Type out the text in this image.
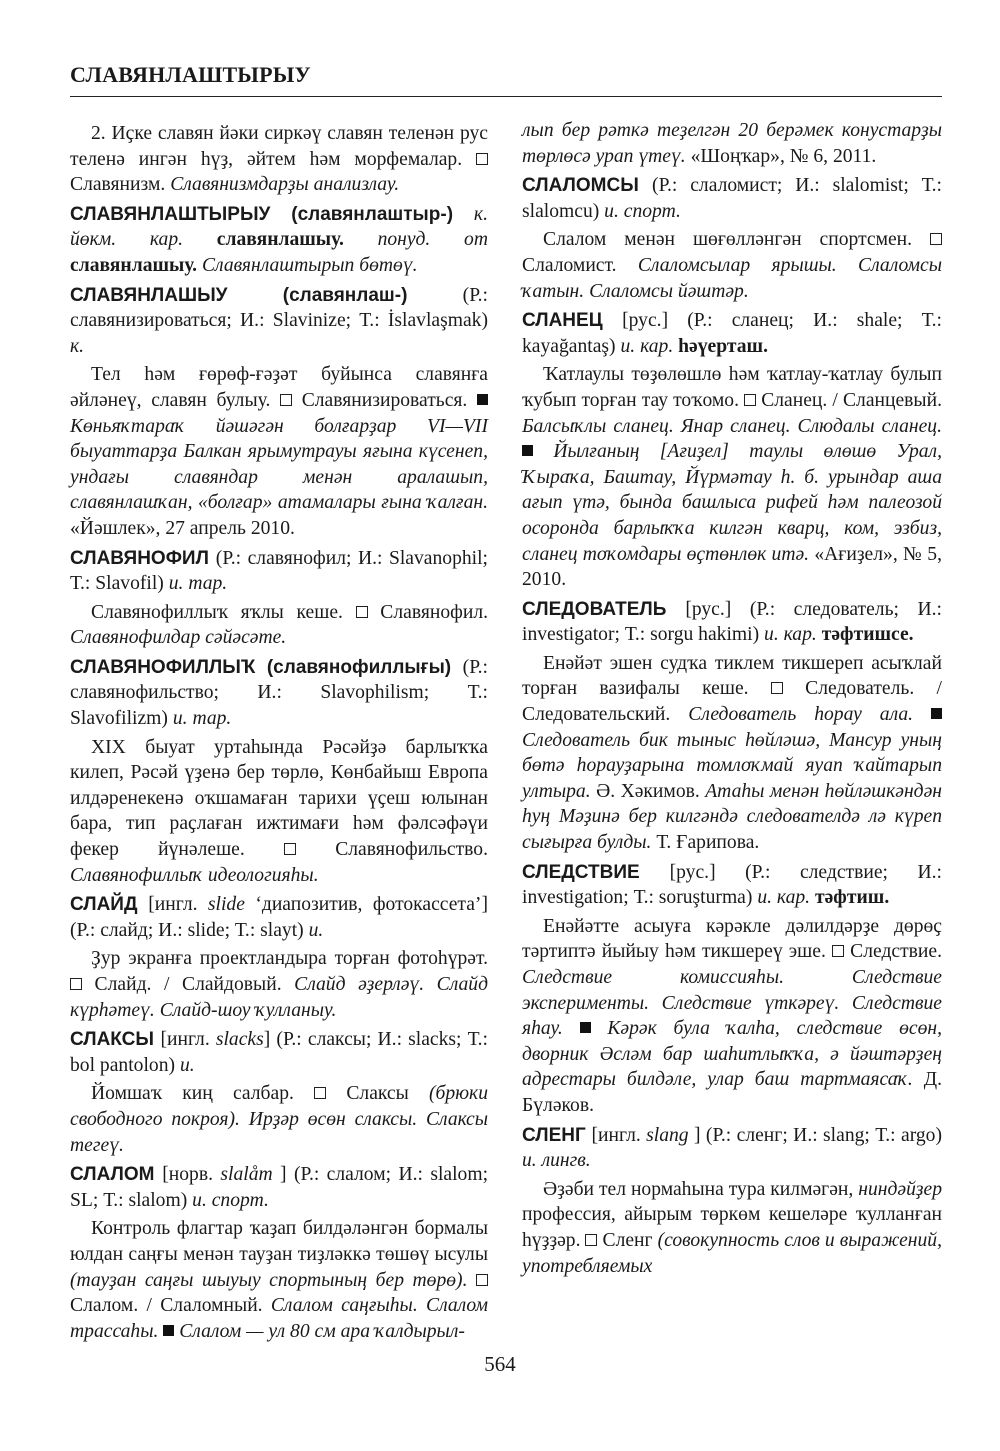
СЛАВЯНЛАШТЫРЫУ
2. Иҫке славян йәки сиркәү славян теленән рус теленә ингән һүҙ, әйтем һәм морфемалар.  Славянизм. Славянизмдарҙы анализлау.
СЛАВЯНЛАШТЫРЫУ (славянлаштыр-) к. йөкм. кар. славянлашыу. понуд. от славянлашыу. Славянлаштырып бөтөү.
СЛАВЯНЛАШЫУ (славянлаш-) (Р.: славянизироваться; И.: Slavinize; Т.: İslavlaşmak) к.
Тел һәм ғөрөф-ғәҙәт буйынса славянға әйләнеү, славян булыу.  Славянизироваться.  Көньяҡтараҡ йәшәгән болғарҙар VI—VII быуаттарҙа Балкан ярымутрауы яғына күсенеп, ундағы славяндар менән аралашып, славянлашҡан, «болғар» атамалары ғына ҡалған. «Йәшлек», 27 апрель 2010.
СЛАВЯНОФИЛ (Р.: славянофил; И.: Slavanophil; Т.: Slavofil) и. тар.
Славянофиллыҡ яҡлы кеше.  Славянофил. Славянофилдар сәйәсәте.
СЛАВЯНОФИЛЛЫҠ (славянофиллығы) (Р.: славянофильство; И.: Slavophilism; Т.: Slavofilizm) и. тар.
XIX быуат уртаһында Рәсәйҙә барлыҡҡа килеп, Рәсәй үҙенә бер төрлө, Көнбайыш Европа илдәренекенә оҡшамаған тарихи үҫеш юлынан бара, тип раҫлаған ижтимағи һәм фәлсәфәүи фекер йүнәлеше.  Славянофильство. Славянофиллыҡ идеологияһы.
СЛАЙД [ингл. slide ‘диапозитив, фотокассета’] (Р.: слайд; И.: slide; Т.: slayt) и.
Ҙур экранға проектландыра торған фотоһүрәт.  Слайд. / Слайдовый. Слайд әҙерләү. Слайд күрһәтеү. Слайд-шоу ҡулланыу.
СЛАКСЫ [ингл. slacks] (Р.: слаксы; И.: slacks; Т.: bol pantolon) и.
Йомшаҡ киң салбар.  Слаксы (брюки свободного покроя). Ирҙәр өсөн слаксы. Слаксы тегеү.
СЛАЛОМ [норв. slalåm ] (Р.: слалом; И.: slalom; SL; Т.: slalom) и. спорт.
Контроль флагтар ҡаҙап билдәләнгән бормалы юлдан саңғы менән тауҙан тиҙләккә төшөү ысулы (тауҙан саңғы шыуыу спортының бер төрө).  Слалом. / Слаломный. Слалом саңғыһы. Слалом трассаһы.  Слалом — ул 80 см ара ҡалдырыл-
лып бер рәткә теҙелгән 20 берәмек конустарҙы төрлөсә урап үтеү. «Шоңҡар», № 6, 2011.
СЛАЛОМСЫ (Р.: слаломист; И.: slalomist; Т.: slalomcu) и. спорт.
Слалом менән шөғөлләнгән спортсмен.  Слаломист. Слаломсылар ярышы. Слаломсы ҡатын. Слаломсы йәштәр.
СЛАНЕЦ [рус.] (Р.: сланец; И.: shale; Т.: kayağantaş) и. кар. һәүерташ.
Ҡатлаулы төҙөлөшлө һәм ҡатлау-ҡатлау булып ҡубып торған тау тоҡомо.  Сланец. / Сланцевый. Балсыҡлы сланец. Янар сланец. Слюдалы сланец.  Йылғаның [Ағиҙел] таулы өлөшө Урал, Ҡыраҡа, Баштау, Йүрмәтау һ. б. урындар аша ағып үтә, бында башлыса рифей һәм палеозой осоронда барлыҡҡа килгән кварц, ком, эзбиз, сланец тоҡомдары өҫтөнлөк итә. «Ағиҙел», № 5, 2010.
СЛЕДОВАТЕЛЬ [рус.] (Р.: следователь; И.: investigator; Т.: sorgu hakimi) и. кар. тәфтишсе.
Енәйәт эшен судҡа тиклем тикшереп асыҡлай торған вазифалы кеше.  Следователь. / Следовательский. Следователь һорау ала.  Следователь бик тыныс һөйләшә, Мансур уның бөтә һорауҙарына томлоҡмай яуап ҡайтарып ултыра. Ә. Хәкимов. Атаһы менән һөйләшкәндән һуң Мәҙинә бер килгәндә следователдә лә күреп сығырға булды. Т. Ғарипова.
СЛЕДСТВИЕ [рус.] (Р.: следствие; И.: investigation; Т.: soruşturma) и. кар. тәфтиш.
Енәйәтте асыуға кәрәкле дәлилдәрҙе дөрөҫ тәртиптә йыйыу һәм тикшереү эше.  Следствие. Следствие комиссияһы. Следствие эксперименты. Следствие үткәреү. Следствие яһау.  Кәрәк була ҡалһа, следствие өсөн, дворник Әсләм бар шаһитлыҡҡа, ә йәштәрҙең адрестары билдәле, улар баш тартмаясаҡ. Д. Бүләков.
СЛЕНГ [ингл. slang ] (Р.: сленг; И.: slang; Т.: argo) и. лингв.
Әҙәби тел нормаһына тура килмәгән, ниндәйҙер профессия, айырым төркөм кешеләре ҡулланған һүҙҙәр.  Сленг (совокупность слов и выражений, употребляемых
564
